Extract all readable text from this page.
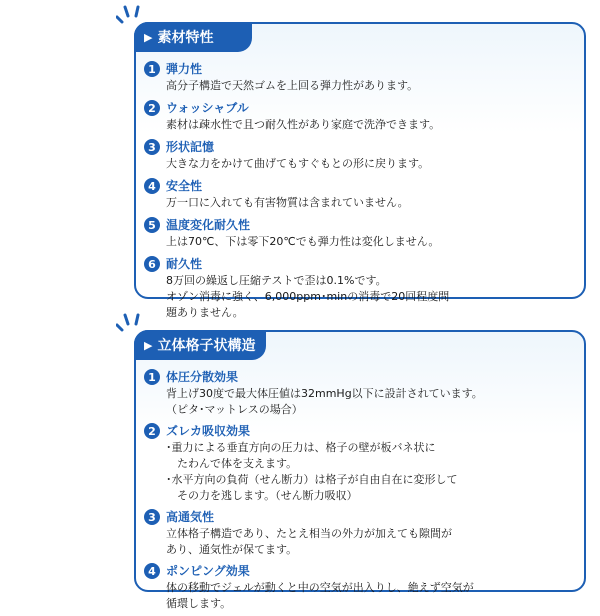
▶ 素材特性
1 弾力性
高分子構造で天然ゴムを上回る弾力性があります。
2 ウォッシャブル
素材は疎水性で且つ耐久性があり家庭で洗浄できます。
3 形状記憶
大きな力をかけて曲げてもすぐもとの形に戻ります。
4 安全性
万一口に入れても有害物質は含まれていません。
5 温度変化耐久性
上は70℃、下は零下20℃でも弾力性は変化しません。
6 耐久性
8万回の繰返し圧縮テストで歪は0.1%です。
オゾン消毒に強く、6,000ppm･minの消毒で20回程度問
題ありません。
▶ 立体格子状構造
1 体圧分散効果
背上げ30度で最大体圧値は32mmHg以下に設計されています。
（ピタ･マットレスの場合）
2 ズレカ吸収効果
･重力による垂直方向の圧力は、格子の壁が板バネ状に
　たわんで体を支えます。
･水平方向の負荷（せん断力）は格子が自由自在に変形して
　その力を逃します。（せん断力吸収）
3 高通気性
立体格子構造であり、たとえ相当の外力が加えても隙間が
あり、通気性が保てます。
4 ポンピング効果
体の移動でジェルが動くと中の空気が出入りし、絶えず空気が
循環します。
